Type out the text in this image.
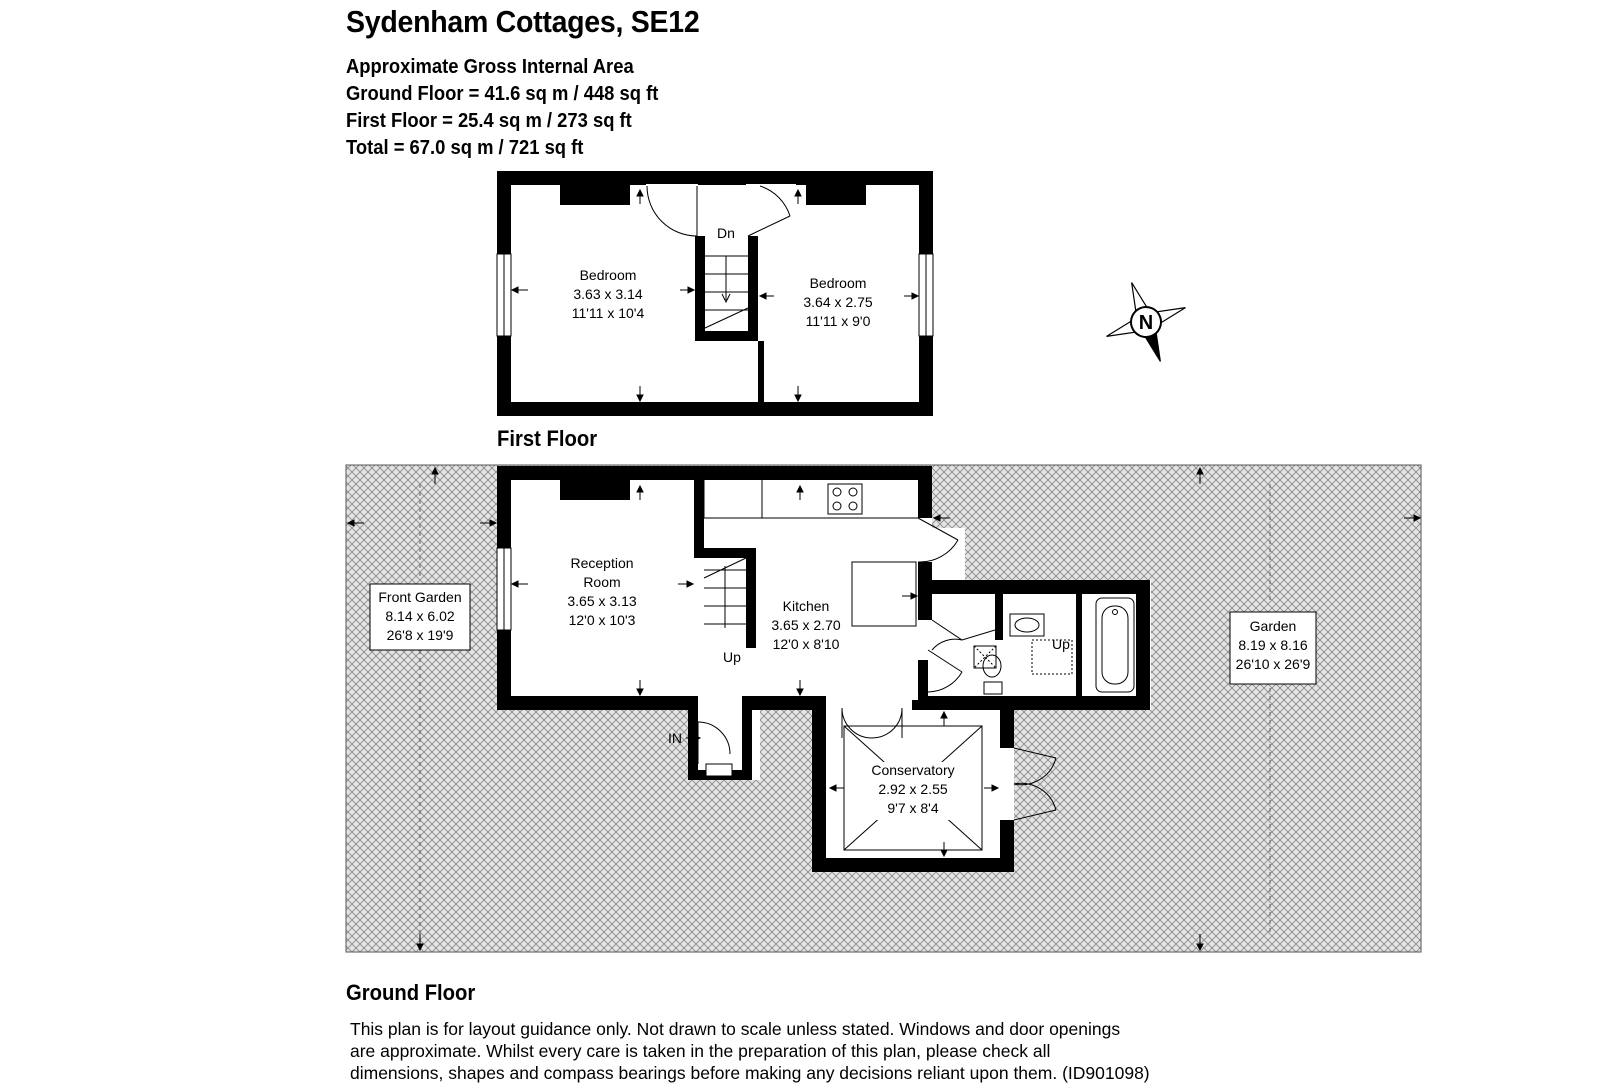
Sydenham Cottages, SE12
Approximate Gross Internal Area
Ground Floor = 41.6 sq m / 448 sq ft
First Floor = 25.4 sq m / 273 sq ft
Total = 67.0 sq m / 721 sq ft
Dn
Bedroom
3.63 x 3.14
11'11 x 10'4
Bedroom
3.64 x 2.75
11'11 x 9'0	N
Up
IN
Up
Reception
Room
3.65 x 3.13
12'0 x 10'3
Kitchen
3.65 x 2.70
12'0 x 8'10
Conservatory
2.92 x 2.55
9'7 x 8'4
Front Garden
8.14 x 6.02
26'8 x 19'9
Garden
8.19 x 8.16
26'10 x 26'9
First Floor
Ground Floor
This plan is for layout guidance only. Not drawn to scale unless stated. Windows and door openings
are approximate. Whilst every care is taken in the preparation of this plan, please check all
dimensions, shapes and compass bearings before making any decisions reliant upon them. (ID901098)
